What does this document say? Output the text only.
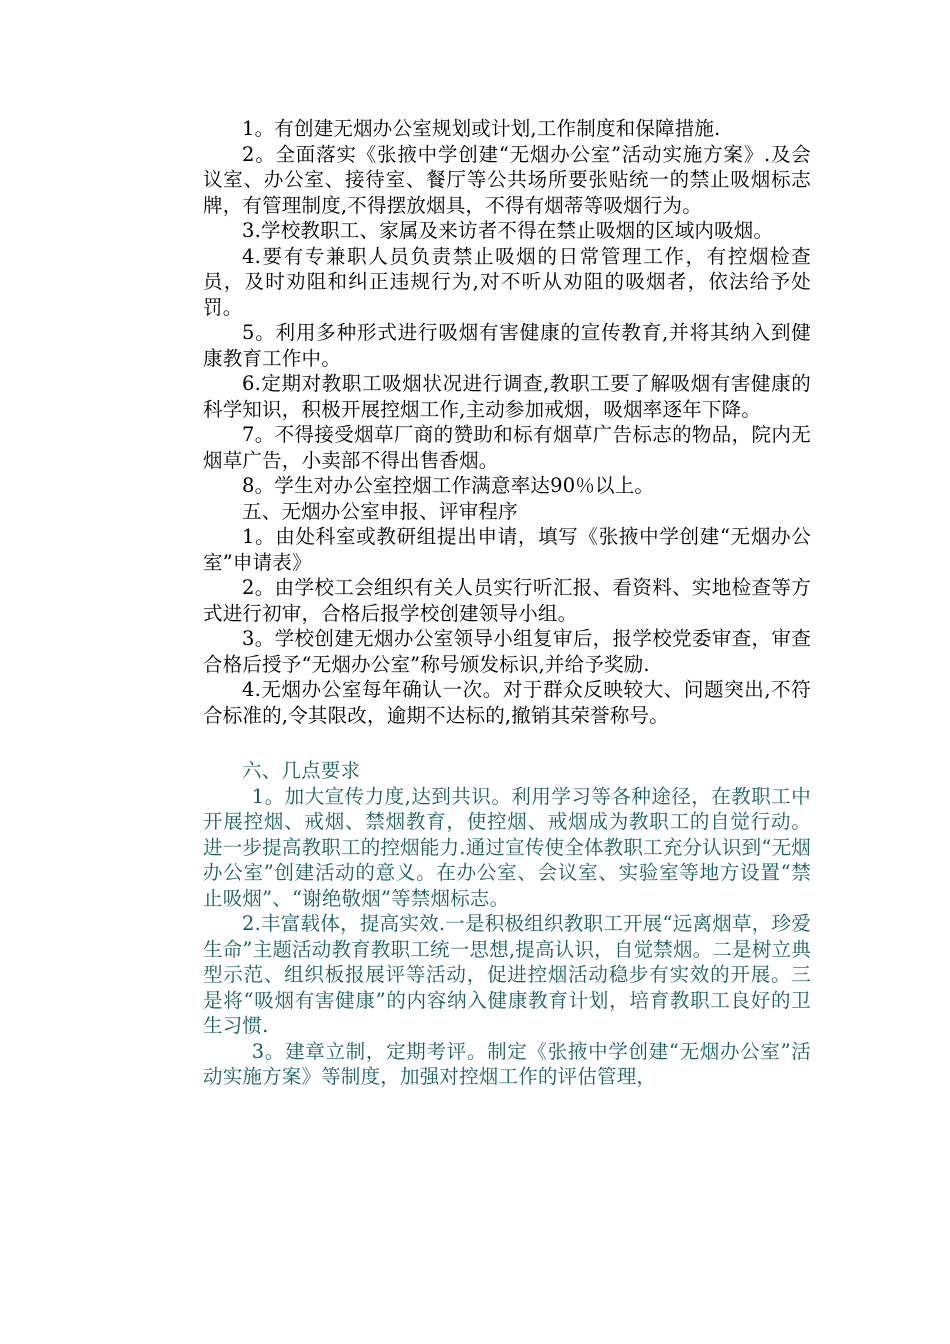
1。有创建无烟办公室规划或计划,工作制度和保障措施.

2。全面落实《张掖中学创建“无烟办公室”活动实施方案》.及会议室、办公室、接待室、餐厅等公共场所要张贴统一的禁止吸烟标志牌，有管理制度,不得摆放烟具，不得有烟蒂等吸烟行为。

3.学校教职工、家属及来访者不得在禁止吸烟的区域内吸烟。

4.要有专兼职人员负责禁止吸烟的日常管理工作，有控烟检查员，及时劝阻和纠正违规行为,对不听从劝阻的吸烟者，依法给予处罚。

5。利用多种形式进行吸烟有害健康的宣传教育,并将其纳入到健康教育工作中。

6.定期对教职工吸烟状况进行调查,教职工要了解吸烟有害健康的科学知识，积极开展控烟工作,主动参加戒烟，吸烟率逐年下降。

7。不得接受烟草厂商的赞助和标有烟草广告标志的物品，院内无烟草广告，小卖部不得出售香烟。

8。学生对办公室控烟工作满意率达90％以上。

五、无烟办公室申报、评审程序

1。由处科室或教研组提出申请，填写《张掖中学创建“无烟办公室”申请表》

2。由学校工会组织有关人员实行听汇报、看资料、实地检查等方式进行初审，合格后报学校创建领导小组。

3。学校创建无烟办公室领导小组复审后，报学校党委审查，审查合格后授予“无烟办公室”称号颁发标识,并给予奖励.

4.无烟办公室每年确认一次。对于群众反映较大、问题突出,不符合标准的,令其限改，逾期不达标的,撤销其荣誉称号。

六、几点要求

1。加大宣传力度,达到共识。利用学习等各种途径，在教职工中开展控烟、戒烟、禁烟教育，使控烟、戒烟成为教职工的自觉行动。进一步提高教职工的控烟能力.通过宣传使全体教职工充分认识到“无烟办公室”创建活动的意义。在办公室、会议室、实验室等地方设置“禁止吸烟”、“谢绝敬烟”等禁烟标志。

2.丰富载体，提高实效.一是积极组织教职工开展“远离烟草，珍爱生命”主题活动教育教职工统一思想,提高认识，自觉禁烟。二是树立典型示范、组织板报展评等活动，促进控烟活动稳步有实效的开展。三是将“吸烟有害健康”的内容纳入健康教育计划，培育教职工良好的卫生习惯.

3。建章立制，定期考评。制定《张掖中学创建“无烟办公室”活动实施方案》等制度，加强对控烟工作的评估管理，
